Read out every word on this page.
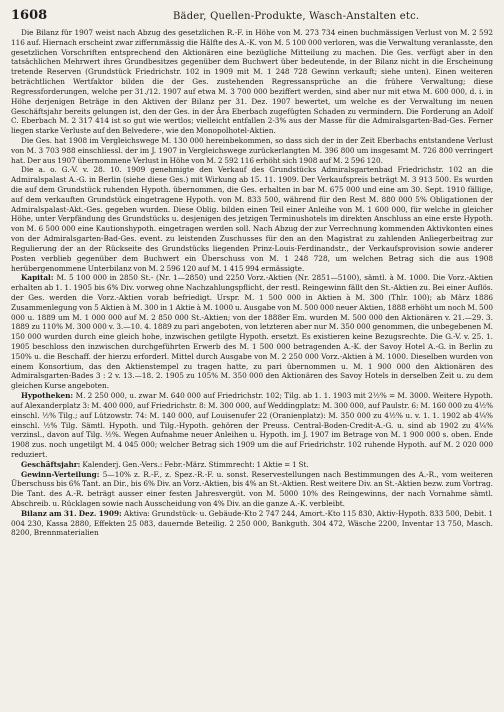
1608	Bäder, Quellen-Produkte, Wasch-Anstalten etc.

Die Bilanz für 1907 weist nach Abzug des gesetzlichen R.-F. in Höhe von M. 273 734 einen buchmässigen Verlust von M. 2 592 116 auf. Hiernach erscheint zwar ziffernmässig die Hälfte des A.-K. von M. 5 100 000 verloren, was die Verwaltung veranlasste, den gesetzlichen Vorschriften entsprechend den Aktionären eine bezügliche Mitteilung zu machen. Die Ges. verfügt aber in den tatsächlichen Mehrwert ihres Grundbesitzes gegenüber dem Buchwert über bedeutende, in der Bilanz nicht in die Erscheinung tretende Reserven (Grundstück Friedrichstr. 102 in 1909 mit M. 1 248 728 Gewinn verkauft; siehe unten). Einen weiteren beträchtlichen Wertfaktor bilden die der Ges. zustehenden Regressansprüche an die frühere Verwaltung; diese Regressforderungen, welche per 31./12. 1907 auf etwa M. 3 700 000 beziffert werden, sind aber nur mit etwa M. 600 000, d. i. in Höhe derjenigen Beträge in den Aktiven der Bilanz per 31. Dez. 1907 bewertet, um welche es der Verwaltung im neuen Geschäftsjahr bereits gelungen ist, den der Ges. in der Ära Eberbach zugefügten Schaden zu vermindern. Die Forderung an Adolf C. Eberbach M. 2 317 414 ist so gut wie wertlos; vielleicht entfallen 2-3% aus der Masse für die Admiralsgarten-Bad-Ges. Ferner liegen starke Verluste auf den Belvedere-, wie den Monopolhotel-Aktien.

Die Ges. hat 1908 im Vergleichswege M. 130 000 hereinbekommen, so dass sich der in der Zeit Eberbachs entstandene Verlust von M. 3 703 988 einschliessl. der im J. 1907 in Vergleichswege zurückerlangten M. 396 800 um insgesamt M. 726 800 verringert hat. Der aus 1907 übernommene Verlust in Höhe von M. 2 592 116 erhöht sich 1908 auf M. 2 596 120.

Die a. o. G.-V. v. 28. 10. 1909 genehmigte den Verkauf des Grundstücks Admiralsgartenbad Friedrichstr. 102 an die Admiralspalast A.-G. in Berlin (siehe diese Ges.) mit Wirkung ab 15. 11. 1909. Der Verkaufspreis beträgt M. 3 913 500. Es wurden die auf dem Grundstück ruhenden Hypoth. übernommen, die Ges. erhalten in bar M. 675 000 und eine am 30. Sept. 1910 fällige, auf dem verkauften Grundstück eingetragene Hypoth. von M. 833 500, während für den Rest M. 880 000 5% Obligationen der Admiralspalast-Akt.-Ges. gegeben wurden. Diese Oblig. bilden einen Teil einer Anleihe von M. 1 600 000, für welche in gleicher Höhe, unter Verpfändung des Grundstücks u. desjenigen des jetzigen Terminushotels im direkten Anschluss an eine erste Hypoth. von M. 6 500 000 eine Kautionshypoth. eingetragen werden soll. Nach Abzug der zur Verrechnung kommenden Aktivkonten eines von der Admiralsgarten-Bad-Ges. event. zu leistenden Zuschusses für den an den Magistrat zu zahlenden Anliegerbeitrag zur Regulierung der an der Rückseite des Grundstücks liegenden Prinz-Louis-Ferdinandstr., der Verkaufsprovision sowie anderer Posten verblieb gegenüber dem Buchwert ein Überschuss von M. 1 248 728, um welchen Betrag sich die aus 1908 herübergenommene Unterbilanz von M. 2 596 120 auf M. 1 415 994 ermässigte.

Kapital: M. 5 100 000 in 2850 St.- (Nr. 1—2850) und 2250 Vorz.-Aktien (Nr. 2851—5100), sämtl. à M. 1000. Die Vorz.-Aktien erhalten ab 1. 1. 1905 bis 6% Div. vorweg ohne Nachzahlungspflicht, der restl. Reingewinn fällt den St.-Aktien zu. Bei einer Auflös. der Ges. werden die Vorz.-Aktien vorab befriedigt. Urspr. M. 1 500 000 in Aktien à M. 300 (Thlr. 100); ab März 1886 Zusammenlegung von 5 Aktien à M. 300 in 1 Aktie à M. 1000 u. Ausgabe von M. 500 000 neuer Aktien, 1888 erhöht um noch M. 500 000 u. 1889 um M. 1 000 000 auf M. 2 850 000 St.-Aktien; von der 1888er Em. wurden M. 500 000 den Aktionären v. 21.—29. 3. 1889 zu 110% M. 300 000 v. 3.—10. 4. 1889 zu pari angeboten, von letzteren aber nur M. 350 000 genommen, die unbegebenen M. 150 000 wurden durch eine gleich hohe, inzwischen getilgte Hypoth. ersetzt. Es existieren keine Bezugsrechte. Die G.-V. v. 25. 1. 1905 beschloss den inzwischen durchgeführten Erwerb des M. 1 500 000 betragenden A.-K. der Savoy Hotel A.-G. in Berlin zu 150% u. die Beschaff. der hierzu erforderl. Mittel durch Ausgabe von M. 2 250 000 Vorz.-Aktien à M. 1000. Dieselben wurden von einem Konsortium, das den Aktienstempel zu tragen hatte, zu pari übernommen u. M. 1 900 000 den Aktionären des Admiralsgarten-Bades 3 : 2 v. 13.—18. 2. 1905 zu 105% M. 350 000 den Aktionären des Savoy Hotels in derselben Zeit u. zu dem gleichen Kurse angeboten.

Hypotheken: M. 2 250 000, u. zwar M. 640 000 auf Friedrichstr. 102; Tilg. ab 1. 1. 1903 mit 2½% = M. 3000. Weitere Hypoth. auf Alexanderplatz 3: M. 400 000, auf Friedrichstr. 8: M. 300 000, auf Weddingplatz: M. 300 000, auf Paulstr. 6: M. 160 000 zu 4½% einschl. ½% Tilg.; auf Lützowstr. 74: M. 140 000, auf Louisenufer 22 (Oranienplatz): M. 350 000 zu 4½% u. v. 1. 1. 1902 ab 4¼% einschl. ½% Tilg. Sämtl. Hypoth. und Tilg.-Hypoth. gehören der Preuss. Central-Boden-Credit-A.-G. u. sind ab 1902 zu 4¼% verzinsl., davon auf Tilg. ½%. Wegen Aufnahme neuer Anleihen u. Hypoth. im J. 1907 im Betrage von M. 1 900 000 s. oben. Ende 1908 zus. noch ungetilgt M. 4 045 000; welcher Betrag sich 1909 um die auf Friedrichstr. 102 ruhende Hypoth. auf M. 2 020 000 reduziert.

Geschäftsjahr: Kalenderj. Gen.-Vers.: Febr.-März. Stimmrecht: 1 Aktie = 1 St.

Gewinn-Verteilung: 5—10% z. R.-F., z. Spez.-R.-F. u. sonst. Reservestellungen nach Bestimmungen des A.-R., vom weiteren Überschuss bis 6% Tant. an Dir., bis 6% Div. an Vorz.-Aktien, bis 4% an St.-Aktien. Rest weitere Div. an St.-Aktien bezw. zum Vortrag. Die Tant. des A.-R. beträgt ausser einer festen Jahresvergüt. von M. 5000 10% des Reingewinns, der nach Vornahme sämtl. Abschreib. u. Rücklagen sowie nach Ausscheidung von 4% Div. an die ganze A.-K. verbleibt.

Bilanz am 31. Dez. 1909: Aktiva: Grundstück- u. Gebäude-Kto 2 747 244, Amort.-Kto 115 830, Aktiv-Hypoth. 833 500, Debit. 1 004 230, Kassa 2880, Effekten 25 083, dauernde Beteilig. 2 250 000, Bankguth. 304 472, Wäsche 2200, Inventar 13 750, Masch. 8200, Brennmaterialien
